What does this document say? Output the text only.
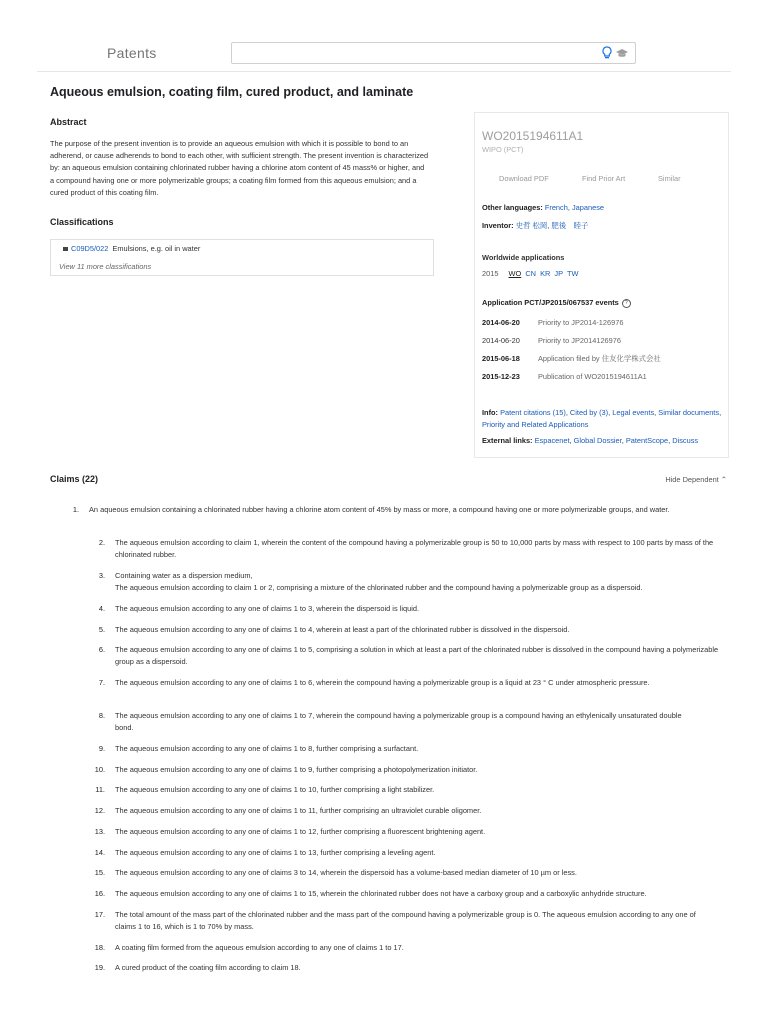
Patents
Aqueous emulsion, coating film, cured product, and laminate
Abstract
The purpose of the present invention is to provide an aqueous emulsion with which it is possible to bond to an adherend, or cause adherends to bond to each other, with sufficient strength. The present invention is characterized by: an aqueous emulsion containing chlorinated rubber having a chlorine atom content of 45 mass% or higher, and a compound having one or more polymerizable groups; a coating film formed from this aqueous emulsion; and a cured product of this coating film.
Classifications
C09D5/022 Emulsions, e.g. oil in water
View 11 more classifications
WO2015194611A1
WIPO (PCT)
Download PDF	Find Prior Art	Similar
Other languages: French, Japanese
Inventor: 史哲 松岡, 肥後　睦子
Worldwide applications
2015 WO CN KR JP TW
Application PCT/JP2015/067537 events ?
2014-06-20 Priority to JP2014-126976
2014-06-20 Priority to JP2014126976
2015-06-18 Application filed by 住友化学株式会社
2015-12-23 Publication of WO2015194611A1
Info: Patent citations (15), Cited by (3), Legal events, Similar documents, Priority and Related Applications
External links: Espacenet, Global Dossier, PatentScope, Discuss
Claims (22)	Hide Dependent ⌃
1. An aqueous emulsion containing a chlorinated rubber having a chlorine atom content of 45% by mass or more, a compound having one or more polymerizable groups, and water.
2. The aqueous emulsion according to claim 1, wherein the content of the compound having a polymerizable group is 50 to 10,000 parts by mass with respect to 100 parts by mass of the chlorinated rubber.
3. Containing water as a dispersion medium,
The aqueous emulsion according to claim 1 or 2, comprising a mixture of the chlorinated rubber and the compound having a polymerizable group as a dispersoid.
4. The aqueous emulsion according to any one of claims 1 to 3, wherein the dispersoid is liquid.
5. The aqueous emulsion according to any one of claims 1 to 4, wherein at least a part of the chlorinated rubber is dissolved in the dispersoid.
6. The aqueous emulsion according to any one of claims 1 to 5, comprising a solution in which at least a part of the chlorinated rubber is dissolved in the compound having a polymerizable group as a dispersoid.
7. The aqueous emulsion according to any one of claims 1 to 6, wherein the compound having a polymerizable group is a liquid at 23 ° C under atmospheric pressure.
8. The aqueous emulsion according to any one of claims 1 to 7, wherein the compound having a polymerizable group is a compound having an ethylenically unsaturated double bond.
9. The aqueous emulsion according to any one of claims 1 to 8, further comprising a surfactant.
10. The aqueous emulsion according to any one of claims 1 to 9, further comprising a photopolymerization initiator.
11. The aqueous emulsion according to any one of claims 1 to 10, further comprising a light stabilizer.
12. The aqueous emulsion according to any one of claims 1 to 11, further comprising an ultraviolet curable oligomer.
13. The aqueous emulsion according to any one of claims 1 to 12, further comprising a fluorescent brightening agent.
14. The aqueous emulsion according to any one of claims 1 to 13, further comprising a leveling agent.
15. The aqueous emulsion according to any one of claims 3 to 14, wherein the dispersoid has a volume-based median diameter of 10 µm or less.
16. The aqueous emulsion according to any one of claims 1 to 15, wherein the chlorinated rubber does not have a carboxy group and a carboxylic anhydride structure.
17. The total amount of the mass part of the chlorinated rubber and the mass part of the compound having a polymerizable group is 0. The aqueous emulsion according to any one of claims 1 to 16, which is 1 to 70% by mass.
18. A coating film formed from the aqueous emulsion according to any one of claims 1 to 17.
19. A cured product of the coating film according to claim 18.
